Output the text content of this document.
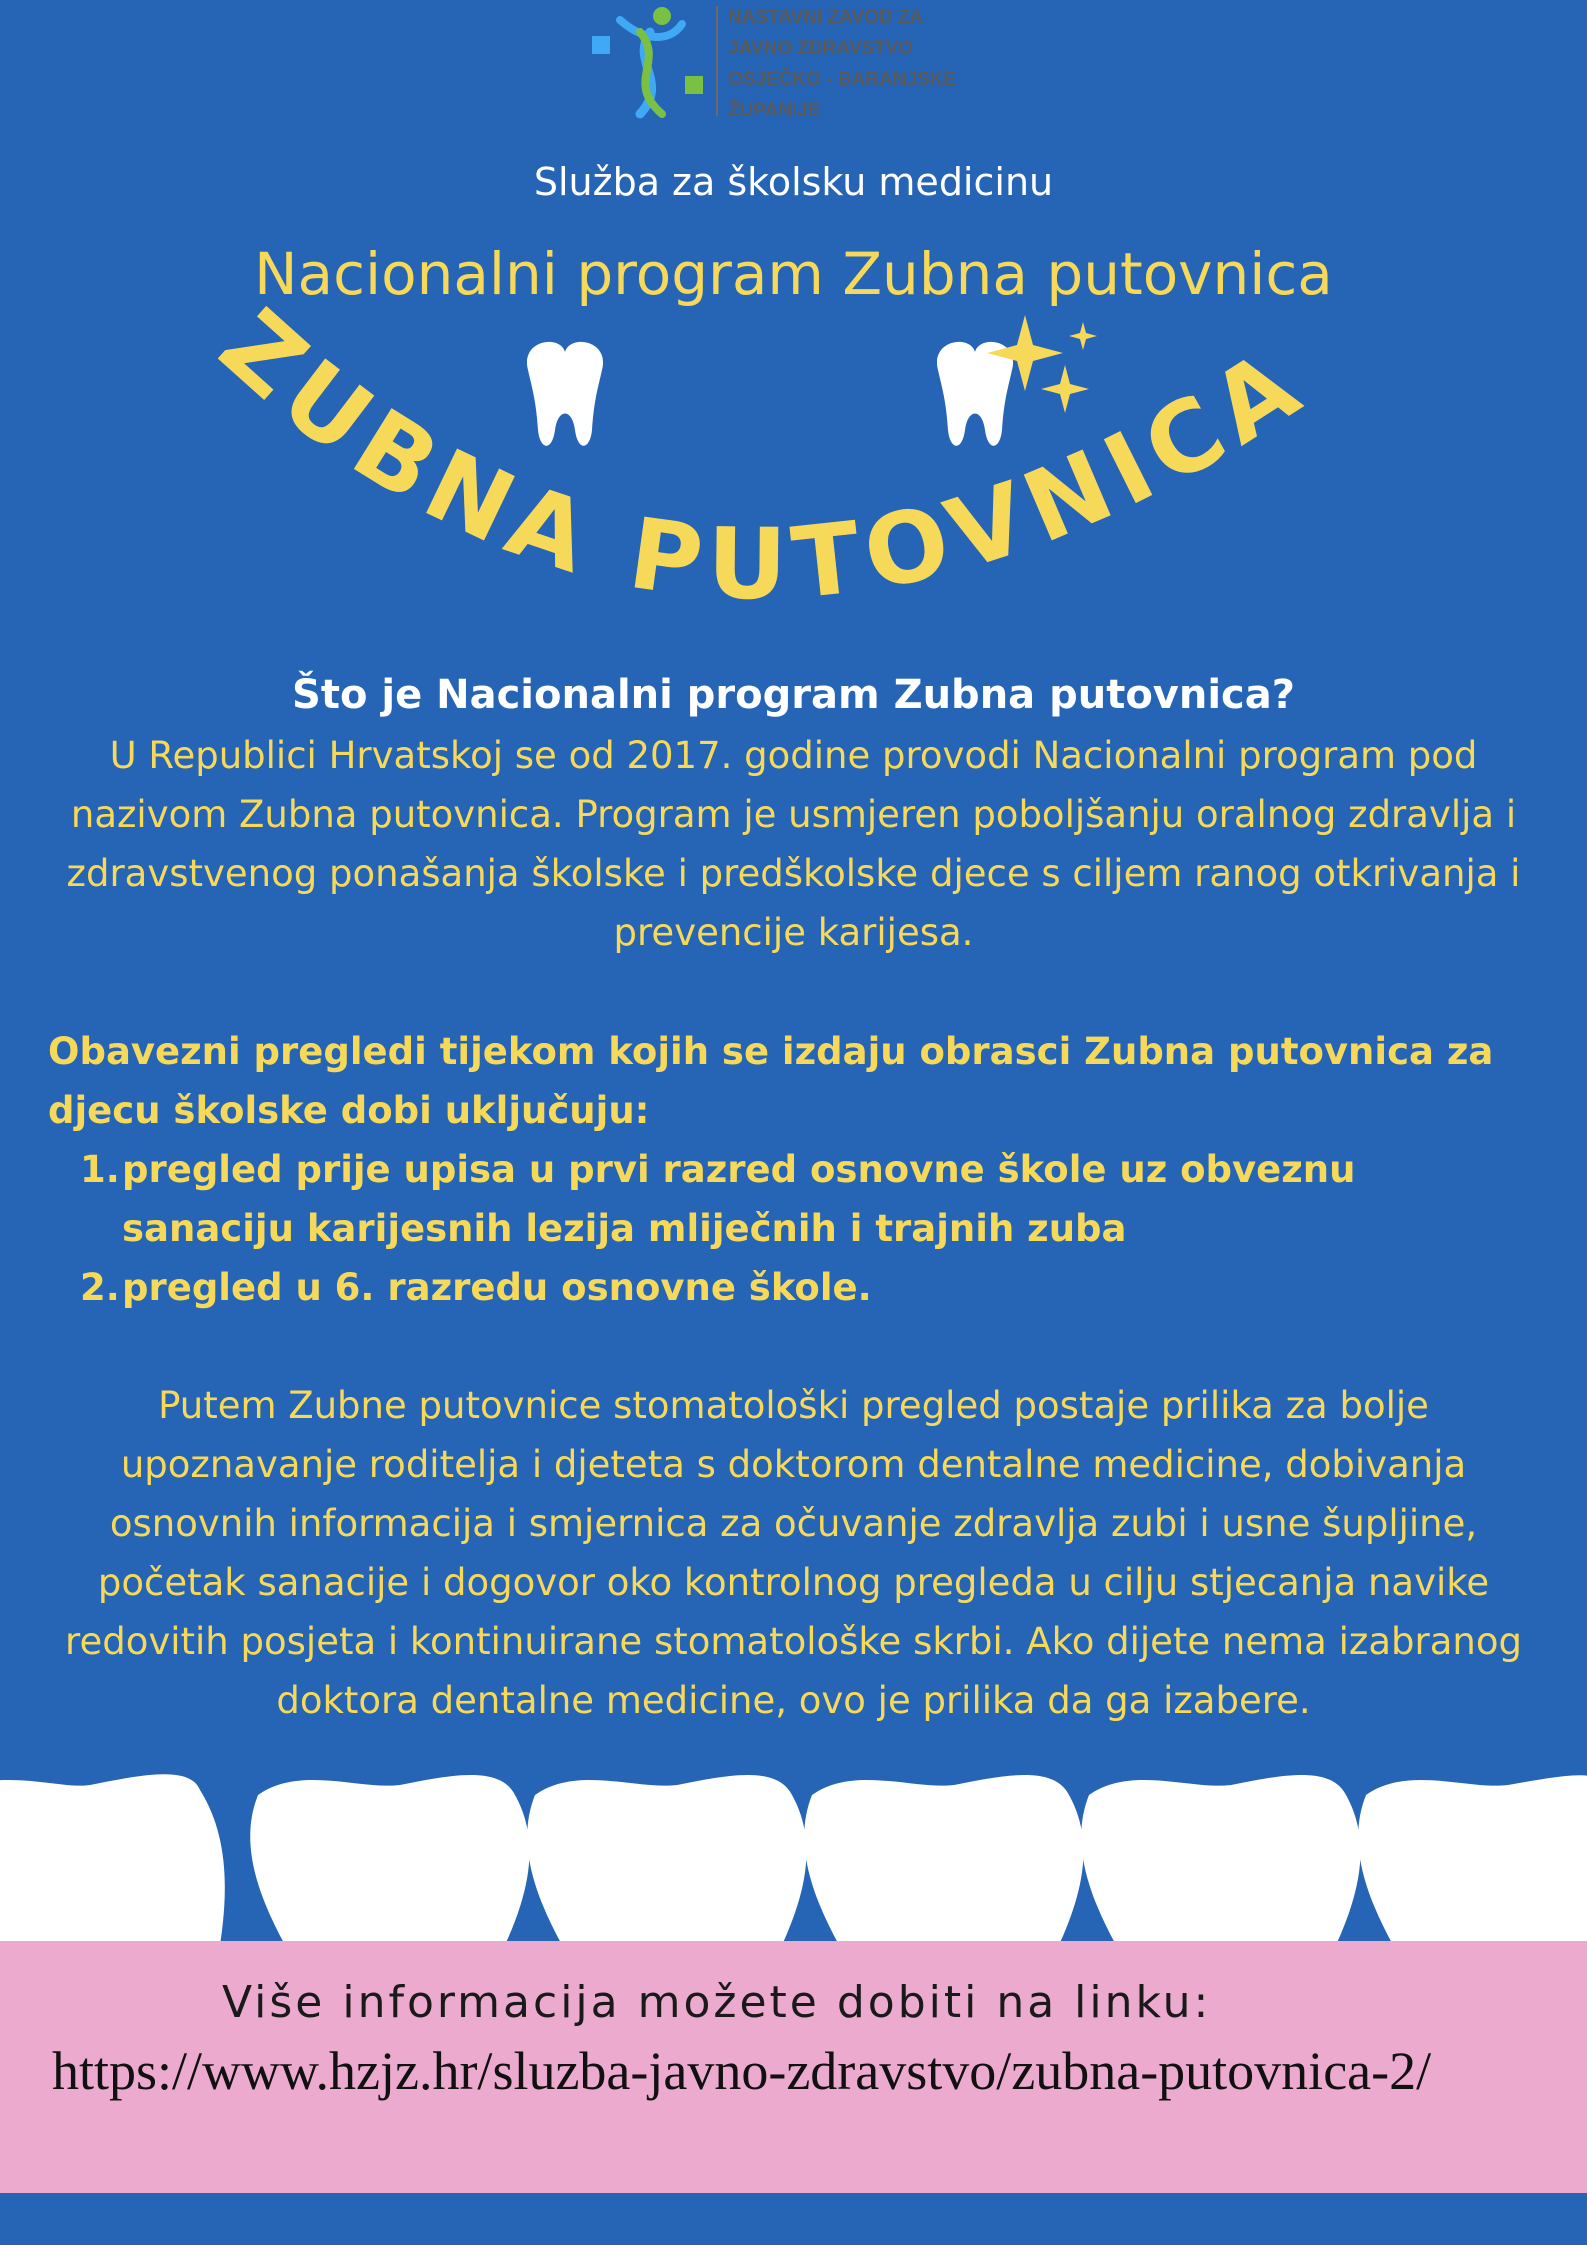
NASTAVNI ZAVOD ZA
JAVNO ZDRAVSTVO
OSJEČKO - BARANJSKE
ŽUPANIJE
Služba za školsku medicinu
Nacionalni program Zubna putovnica
ZUBNA PUTOVNICA
Što je Nacionalni program Zubna putovnica?
U Republici Hrvatskoj se od 2017. godine provodi Nacionalni program pod nazivom Zubna putovnica. Program je usmjeren poboljšanju oralnog zdravlja i zdravstvenog ponašanja školske i predškolske djece s ciljem ranog otkrivanja i prevencije karijesa.
Obavezni pregledi tijekom kojih se izdaju obrasci Zubna putovnica za djecu školske dobi uključuju:
1. pregled prije upisa u prvi razred osnovne škole uz obveznu sanaciju karijesnih lezija mliječnih i trajnih zuba
2. pregled u 6. razredu osnovne škole.
Putem Zubne putovnice stomatološki pregled postaje prilika za bolje upoznavanje roditelja i djeteta s doktorom dentalne medicine, dobivanja osnovnih informacija i smjernica za očuvanje zdravlja zubi i usne šupljine, početak sanacije i dogovor oko kontrolnog pregleda u cilju stjecanja navike redovitih posjeta i kontinuirane stomatološke skrbi. Ako dijete nema izabranog doktora dentalne medicine, ovo je prilika da ga izabere.
Više informacija možete dobiti na linku:
https://www.hzjz.hr/sluzba-javno-zdravstvo/zubna-putovnica-2/
